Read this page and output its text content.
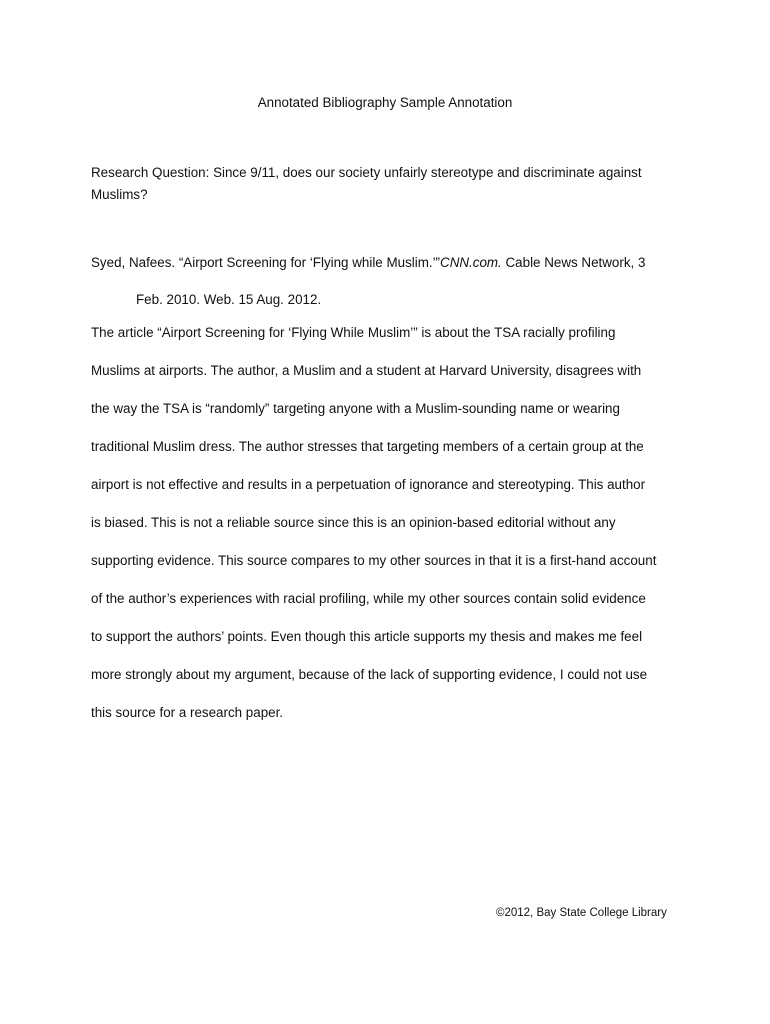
Annotated Bibliography Sample Annotation
Research Question: Since 9/11, does our society unfairly stereotype and discriminate against
Muslims?
Syed, Nafees. “Airport Screening for ‘Flying while Muslim.’”CNN.com. Cable News Network, 3
Feb. 2010. Web. 15 Aug. 2012.
The article “Airport Screening for ‘Flying While Muslim’” is about the TSA racially profiling
Muslims at airports. The author, a Muslim and a student at Harvard University, disagrees with
the way the TSA is “randomly” targeting anyone with a Muslim-sounding name or wearing
traditional Muslim dress. The author stresses that targeting members of a certain group at the
airport is not effective and results in a perpetuation of ignorance and stereotyping. This author
is biased. This is not a reliable source since this is an opinion-based editorial without any
supporting evidence. This source compares to my other sources in that it is a first-hand account
of the author’s experiences with racial profiling, while my other sources contain solid evidence
to support the authors’ points. Even though this article supports my thesis and makes me feel
more strongly about my argument, because of the lack of supporting evidence, I could not use
this source for a research paper.
©2012, Bay State College Library
